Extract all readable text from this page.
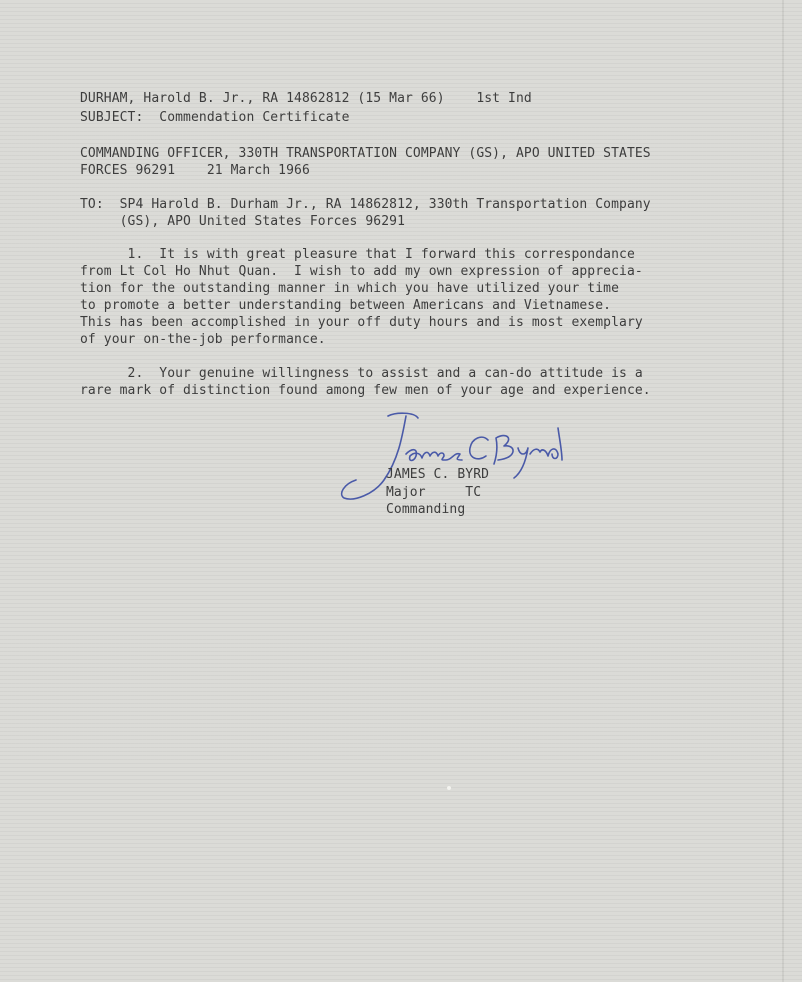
DURHAM, Harold B. Jr., RA 14862812 (15 Mar 66)    1st Ind
SUBJECT:  Commendation Certificate
COMMANDING OFFICER, 330TH TRANSPORTATION COMPANY (GS), APO UNITED STATES
FORCES 96291    21 March 1966
TO:  SP4 Harold B. Durham Jr., RA 14862812, 330th Transportation Company
(GS), APO United States Forces 96291
1.  It is with great pleasure that I forward this correspondance
from Lt Col Ho Nhut Quan.  I wish to add my own expression of apprecia-
tion for the outstanding manner in which you have utilized your time
to promote a better understanding between Americans and Vietnamese.
This has been accomplished in your off duty hours and is most exemplary
of your on-the-job performance.
2.  Your genuine willingness to assist and a can-do attitude is a
rare mark of distinction found among few men of your age and experience.
JAMES C. BYRD
Major     TC
Commanding
